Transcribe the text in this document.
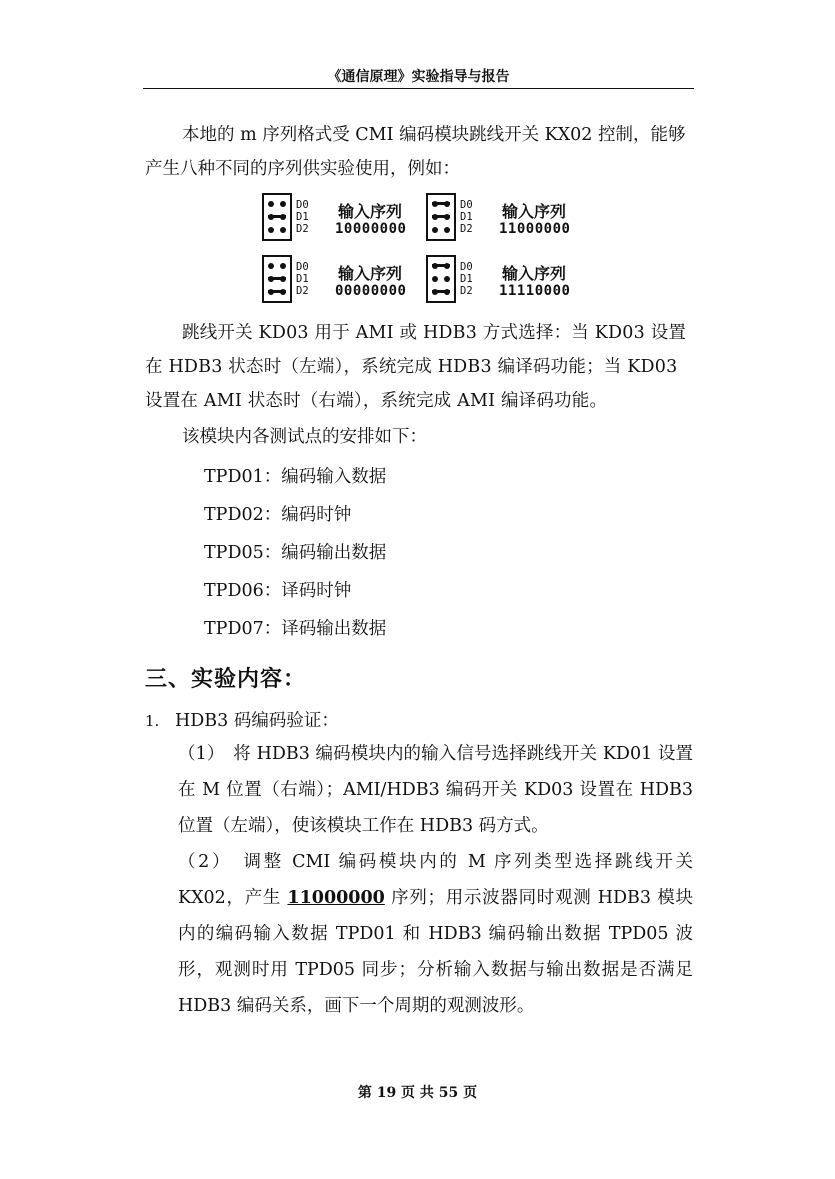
《通信原理》实验指导与报告

本地的 m 序列格式受 CMI 编码模块跳线开关 KX02 控制，能够产生八种不同的序列供实验使用，例如：

D0
D1
D2
输入序列
10000000
D0
D1
D2
输入序列
11000000
D0
D1
D2
输入序列
00000000
D0
D1
D2
输入序列
11110000

跳线开关 KD03 用于 AMI 或 HDB3 方式选择：当 KD03 设置在 HDB3 状态时（左端），系统完成 HDB3 编译码功能；当 KD03 设置在 AMI 状态时（右端），系统完成 AMI 编译码功能。

该模块内各测试点的安排如下：

TPD01：编码输入数据
TPD02：编码时钟
TPD05：编码输出数据
TPD06：译码时钟
TPD07：译码输出数据
三、实验内容：
1. HDB3 码编码验证：

（1）　将 HDB3 编码模块内的输入信号选择跳线开关 KD01 设置在 M 位置（右端）；AMI/HDB3 编码开关 KD03 设置在 HDB3 位置（左端），使该模块工作在 HDB3 码方式。

（2）　调整 CMI 编码模块内的 M 序列类型选择跳线开关 KX02，产生 11000000 序列；用示波器同时观测 HDB3 模块内的编码输入数据 TPD01 和 HDB3 编码输出数据 TPD05 波形，观测时用 TPD05 同步；分析输入数据与输出数据是否满足 HDB3 编码关系，画下一个周期的观测波形。

第 19 页 共 55 页
